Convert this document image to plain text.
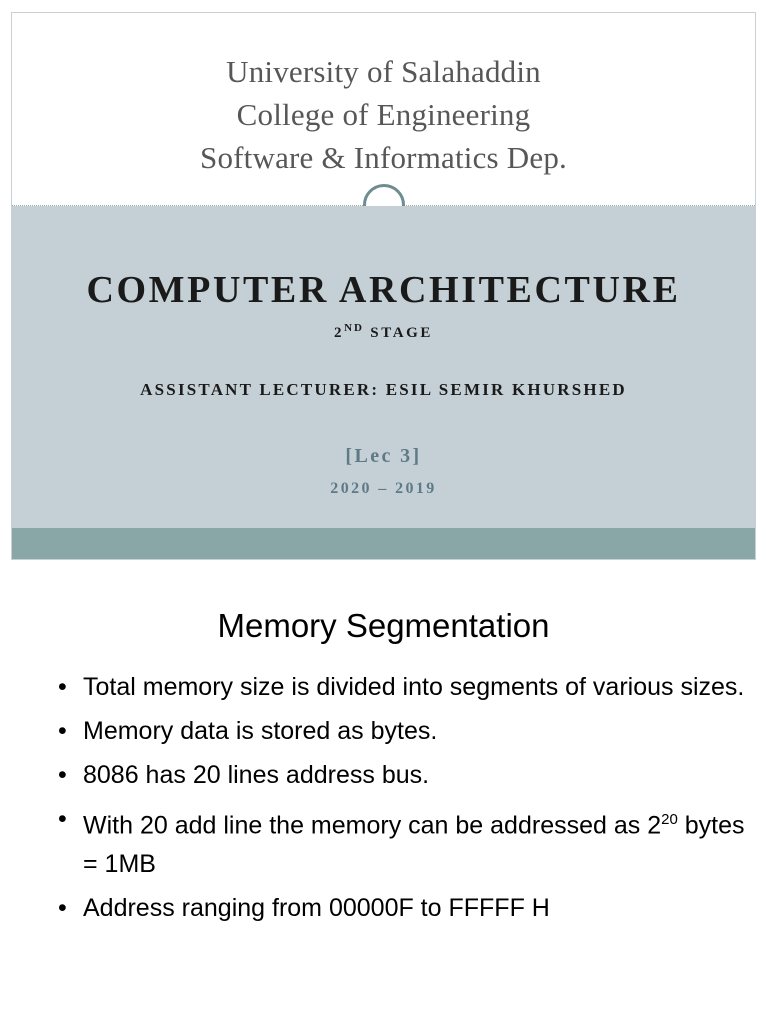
University of Salahaddin
College of Engineering
Software & Informatics Dep.
COMPUTER ARCHITECTURE
2ND STAGE
ASSISTANT LECTURER: ESIL SEMIR KHURSHED
[Lec 3]
2020 – 2019
Memory Segmentation
• Total memory size is divided into segments of various sizes.
• Memory data is stored as bytes.
• 8086 has 20 lines address bus.
• With 20 add line the memory can be addressed as $2^{20}$ bytes = 1MB
• Address ranging from 00000F to FFFFF H
